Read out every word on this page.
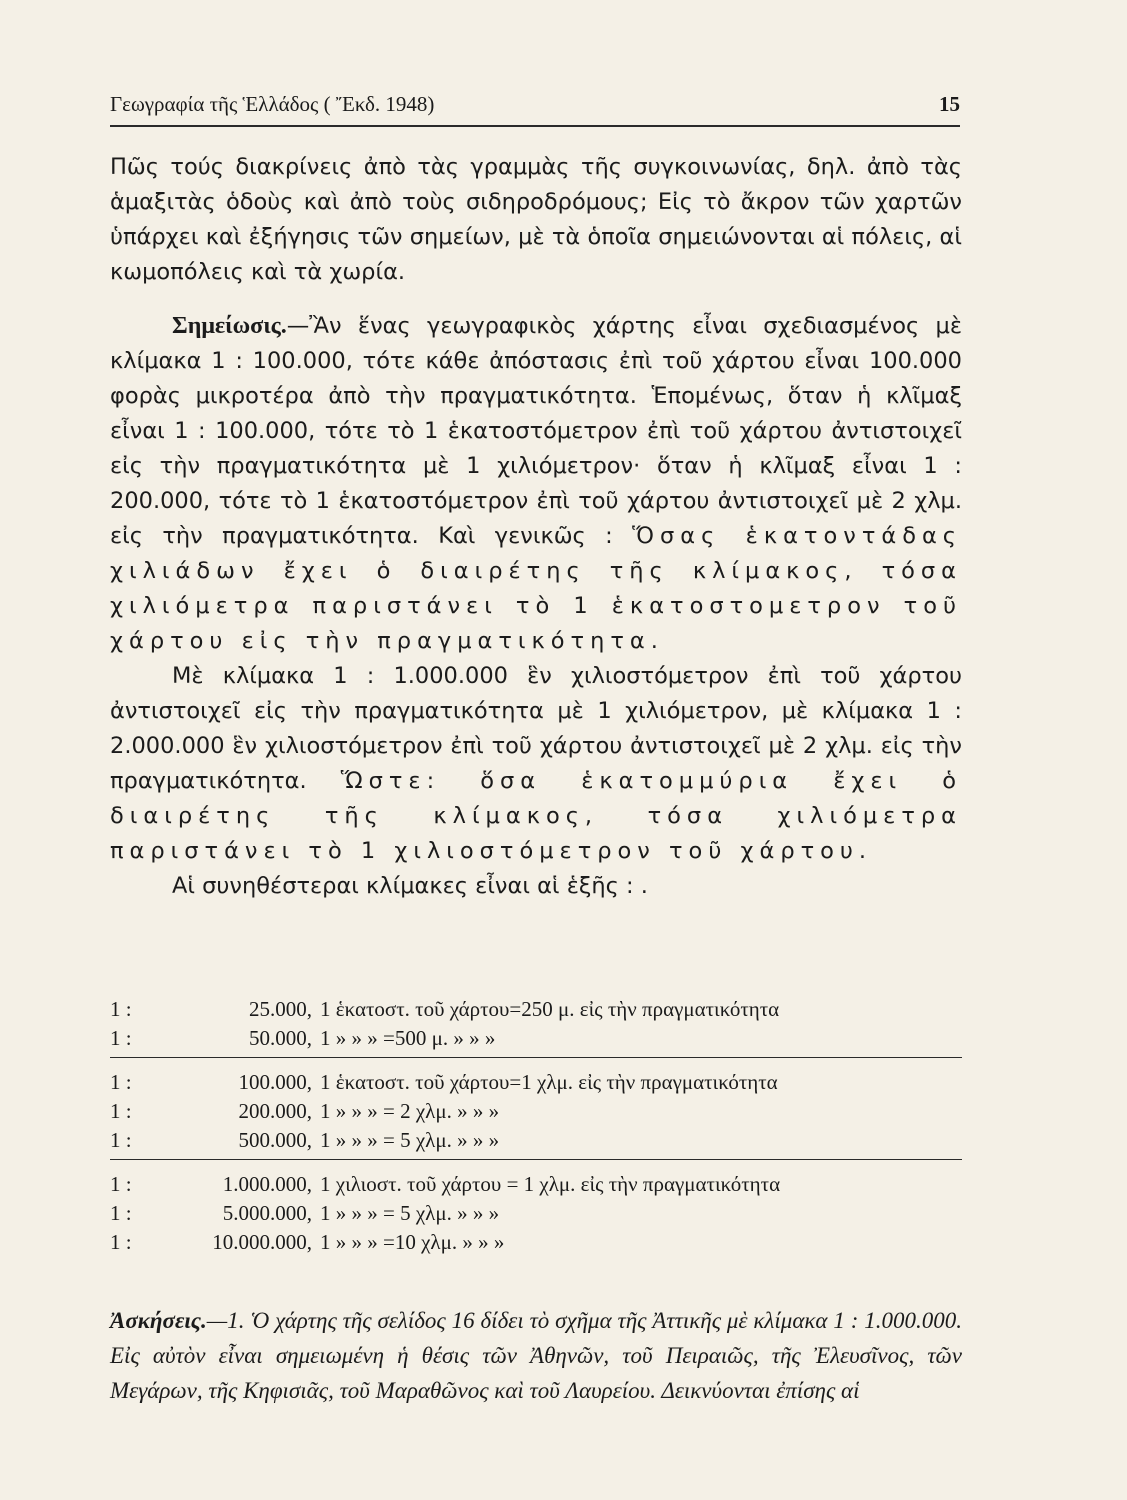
Γεωγραφία τῆς Ἑλλάδος ( Ἔκδ. 1948)	15

Πῶς τούς διακρίνεις ἀπὸ τὰς γραμμὰς τῆς συγκοινωνίας, δηλ. ἀπὸ τὰς ἁμαξιτὰς ὁδοὺς καὶ ἀπὸ τοὺς σιδηροδρόμους; Εἰς τὸ ἄκρον τῶν χαρτῶν ὑπάρχει καὶ ἐξήγησις τῶν σημείων, μὲ τὰ ὁποῖα σημειώνονται αἱ πόλεις, αἱ κωμοπόλεις καὶ τὰ χωρία.

Σημείωσις.—Ἂν ἕνας γεωγραφικὸς χάρτης εἶναι σχεδιασμένος μὲ κλίμακα 1 : 100.000, τότε κάθε ἀπόστασις ἐπὶ τοῦ χάρτου εἶναι 100.000 φορὰς μικροτέρα ἀπὸ τὴν πραγματικότητα. Ἑπομένως, ὅταν ἡ κλῖμαξ εἶναι 1 : 100.000, τότε τὸ 1 ἑκατοστόμετρον ἐπὶ τοῦ χάρτου ἀντιστοιχεῖ εἰς τὴν πραγματικότητα μὲ 1 χιλιόμετρον· ὅταν ἡ κλῖμαξ εἶναι 1 : 200.000, τότε τὸ 1 ἑκατοστόμετρον ἐπὶ τοῦ χάρτου ἀντιστοιχεῖ μὲ 2 χλμ. εἰς τὴν πραγματικότητα. Καὶ γενικῶς : Ὅσας ἑκατοντάδας χιλιάδων ἔχει ὁ διαιρέτης τῆς κλίμακος, τόσα χιλιόμετρα παριστάνει τὸ 1 ἑκατοστομετρον τοῦ χάρτου εἰς τὴν πραγματικότητα.

Μὲ κλίμακα 1 : 1.000.000 ἓν χιλιοστόμετρον ἐπὶ τοῦ χάρτου ἀντιστοιχεῖ εἰς τὴν πραγματικότητα μὲ 1 χιλιόμετρον, μὲ κλίμακα 1 : 2.000.000 ἓν χιλιοστόμετρον ἐπὶ τοῦ χάρτου ἀντιστοιχεῖ μὲ 2 χλμ. εἰς τὴν πραγματικότητα. Ὥστε: ὅσα ἑκατομμύρια ἔχει ὁ διαιρέτης τῆς κλίμακος, τόσα χιλιόμετρα παριστάνει τὸ 1 χιλιοστόμετρον τοῦ χάρτου.

Αἱ συνηθέστεραι κλίμακες εἶναι αἱ ἑξῆς : .

1 :	25.000, 1 ἑκατοστ. τοῦ χάρτου=250 μ. εἰς τὴν πραγματικότητα
1 :	50.000, 1 » » » =500 μ. » » »
1 :	100.000, 1 ἑκατοστ. τοῦ χάρτου=1 χλμ. εἰς τὴν πραγματικότητα
1 :	200.000, 1 » » » = 2 χλμ. » » »
1 :	500.000, 1 » » » = 5 χλμ. » » »
1 :	1.000.000, 1 χιλιοστ. τοῦ χάρτου = 1 χλμ. εἰς τὴν πραγματικότητα
1 :	5.000.000, 1 » » » = 5 χλμ. » » »
1 :	10.000.000, 1 » » » =10 χλμ. » » »

Ἀσκήσεις.—1. Ὁ χάρτης τῆς σελίδος 16 δίδει τὸ σχῆμα τῆς Ἀττικῆς μὲ κλίμακα 1 : 1.000.000. Εἰς αὐτὸν εἶναι σημειωμένη ἡ θέσις τῶν Ἀθηνῶν, τοῦ Πειραιῶς, τῆς Ἐλευσῖνος, τῶν Μεγάρων, τῆς Κηφισιᾶς, τοῦ Μαραθῶνος καὶ τοῦ Λαυρείου. Δεικνύονται ἐπίσης αἱ
